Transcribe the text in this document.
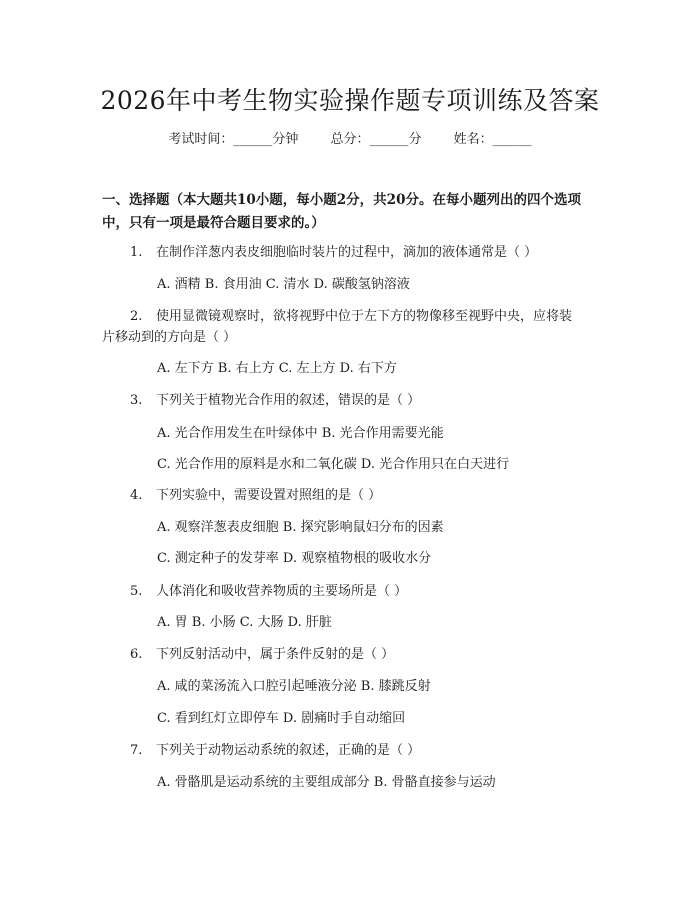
2026年中考生物实验操作题专项训练及答案
考试时间：______分钟 总分：______分 姓名：______
一、选择题（本大题共10小题，每小题2分，共20分。在每小题列出的四个选项中，只有一项是最符合题目要求的。）
1. 在制作洋葱内表皮细胞临时装片的过程中，滴加的液体通常是（ ）
A. 酒精 B. 食用油 C. 清水 D. 碳酸氢钠溶液
2. 使用显微镜观察时，欲将视野中位于左下方的物像移至视野中央，应将装
片移动到的方向是（ ）
A. 左下方 B. 右上方 C. 左上方 D. 右下方
3. 下列关于植物光合作用的叙述，错误的是（ ）
A. 光合作用发生在叶绿体中 B. 光合作用需要光能
C. 光合作用的原料是水和二氧化碳 D. 光合作用只在白天进行
4. 下列实验中，需要设置对照组的是（ ）
A. 观察洋葱表皮细胞 B. 探究影响鼠妇分布的因素
C. 测定种子的发芽率 D. 观察植物根的吸收水分
5. 人体消化和吸收营养物质的主要场所是（ ）
A. 胃 B. 小肠 C. 大肠 D. 肝脏
6. 下列反射活动中，属于条件反射的是（ ）
A. 咸的菜汤流入口腔引起唾液分泌 B. 膝跳反射
C. 看到红灯立即停车 D. 剧痛时手自动缩回
7. 下列关于动物运动系统的叙述，正确的是（ ）
A. 骨骼肌是运动系统的主要组成部分 B. 骨骼直接参与运动
